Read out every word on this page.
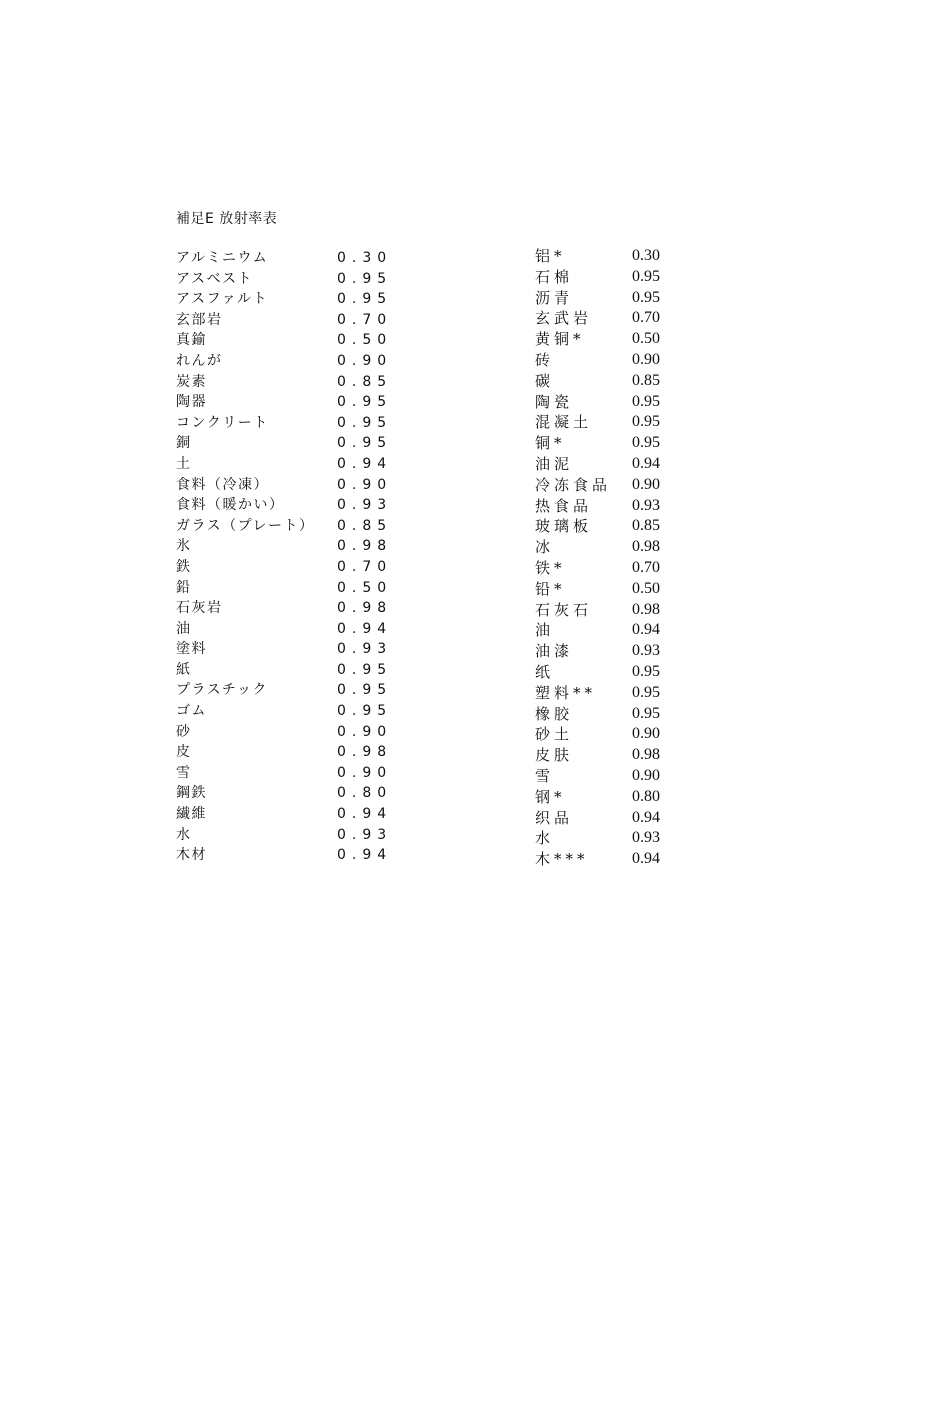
補足E 放射率表
アルミニウム	0.30
アスベスト	0.95
アスファルト	0.95
玄部岩	0.70
真鍮	0.50
れんが	0.90
炭素	0.85
陶器	0.95
コンクリート	0.95
銅	0.95
土	0.94
食料（冷凍）	0.90
食料（暖かい）	0.93
ガラス（プレート） 0.85
氷	0.98
鉄	0.70
鉛	0.50
石灰岩	0.98
油	0.94
塗料	0.93
紙	0.95
プラスチック	0.95
ゴム	0.95
砂	0.90
皮	0.98
雪	0.90
鋼鉄	0.80
繊維	0.94
水	0.93
木材	0.94
铝*	0.30
石棉	0.95
沥青	0.95
玄武岩 0.70
黄铜*	0.50
砖	0.90
碳	0.85
陶瓷	0.95
混凝土 0.95
铜*	0.95
油泥	0.94
冷冻食品 0.90
热食品 0.93
玻璃板 0.85
冰	0.98
铁*	0.70
铅*	0.50
石灰石 0.98
油	0.94
油漆	0.93
纸	0.95
塑料** 0.95
橡胶	0.95
砂土	0.90
皮肤	0.98
雪	0.90
钢*	0.80
织品	0.94
水	0.93
木***	0.94
